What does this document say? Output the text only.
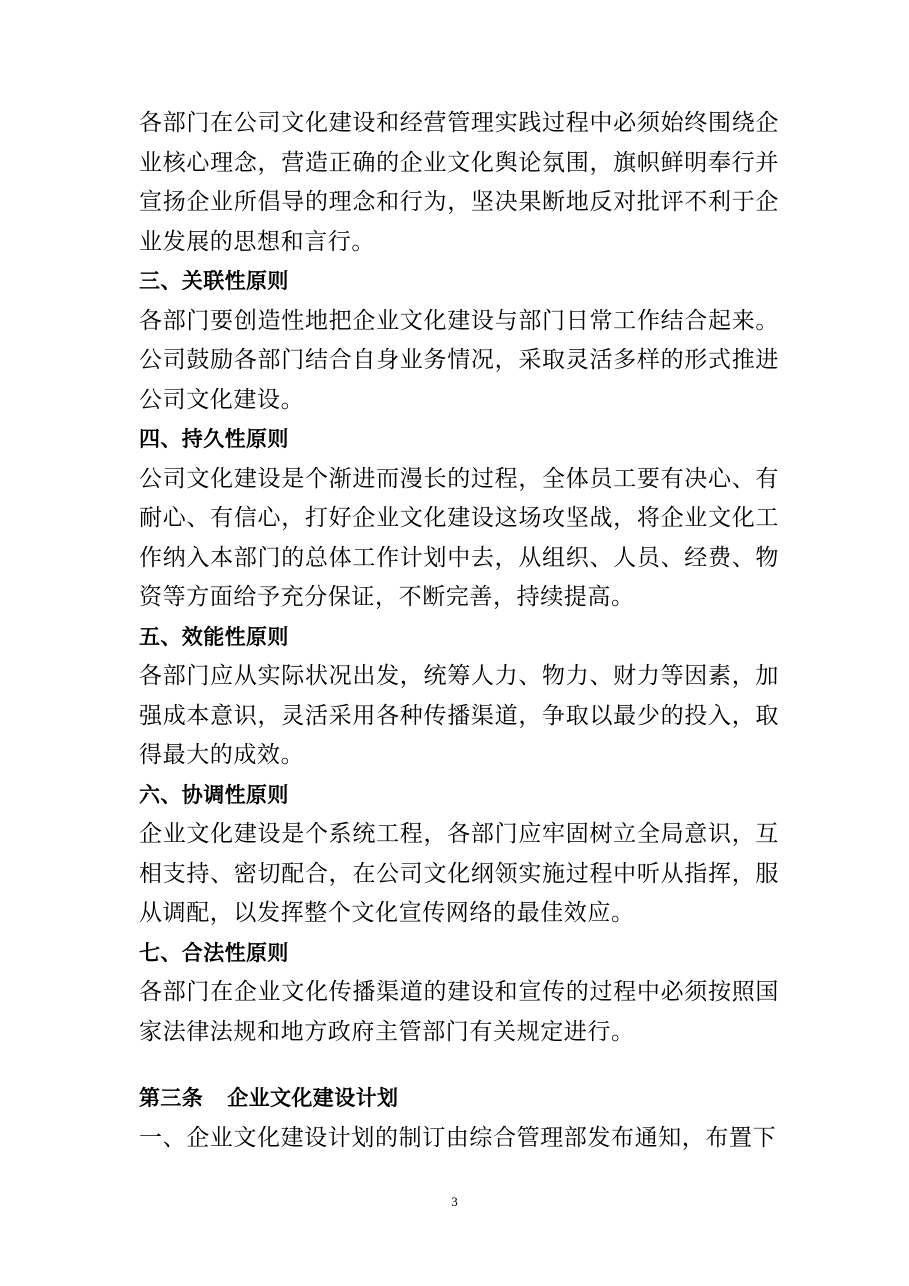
各部门在公司文化建设和经营管理实践过程中必须始终围绕企业核心理念，营造正确的企业文化舆论氛围，旗帜鲜明奉行并宣扬企业所倡导的理念和行为，坚决果断地反对批评不利于企业发展的思想和言行。

三、关联性原则

各部门要创造性地把企业文化建设与部门日常工作结合起来。公司鼓励各部门结合自身业务情况，采取灵活多样的形式推进公司文化建设。

四、持久性原则

公司文化建设是个渐进而漫长的过程，全体员工要有决心、有耐心、有信心，打好企业文化建设这场攻坚战，将企业文化工作纳入本部门的总体工作计划中去，从组织、人员、经费、物资等方面给予充分保证，不断完善，持续提高。

五、效能性原则

各部门应从实际状况出发，统筹人力、物力、财力等因素，加强成本意识，灵活采用各种传播渠道，争取以最少的投入，取得最大的成效。

六、协调性原则

企业文化建设是个系统工程，各部门应牢固树立全局意识，互相支持、密切配合，在公司文化纲领实施过程中听从指挥，服从调配，以发挥整个文化宣传网络的最佳效应。

七、合法性原则

各部门在企业文化传播渠道的建设和宣传的过程中必须按照国家法律法规和地方政府主管部门有关规定进行。

第三条 企业文化建设计划

一、企业文化建设计划的制订由综合管理部发布通知，布置下

3
